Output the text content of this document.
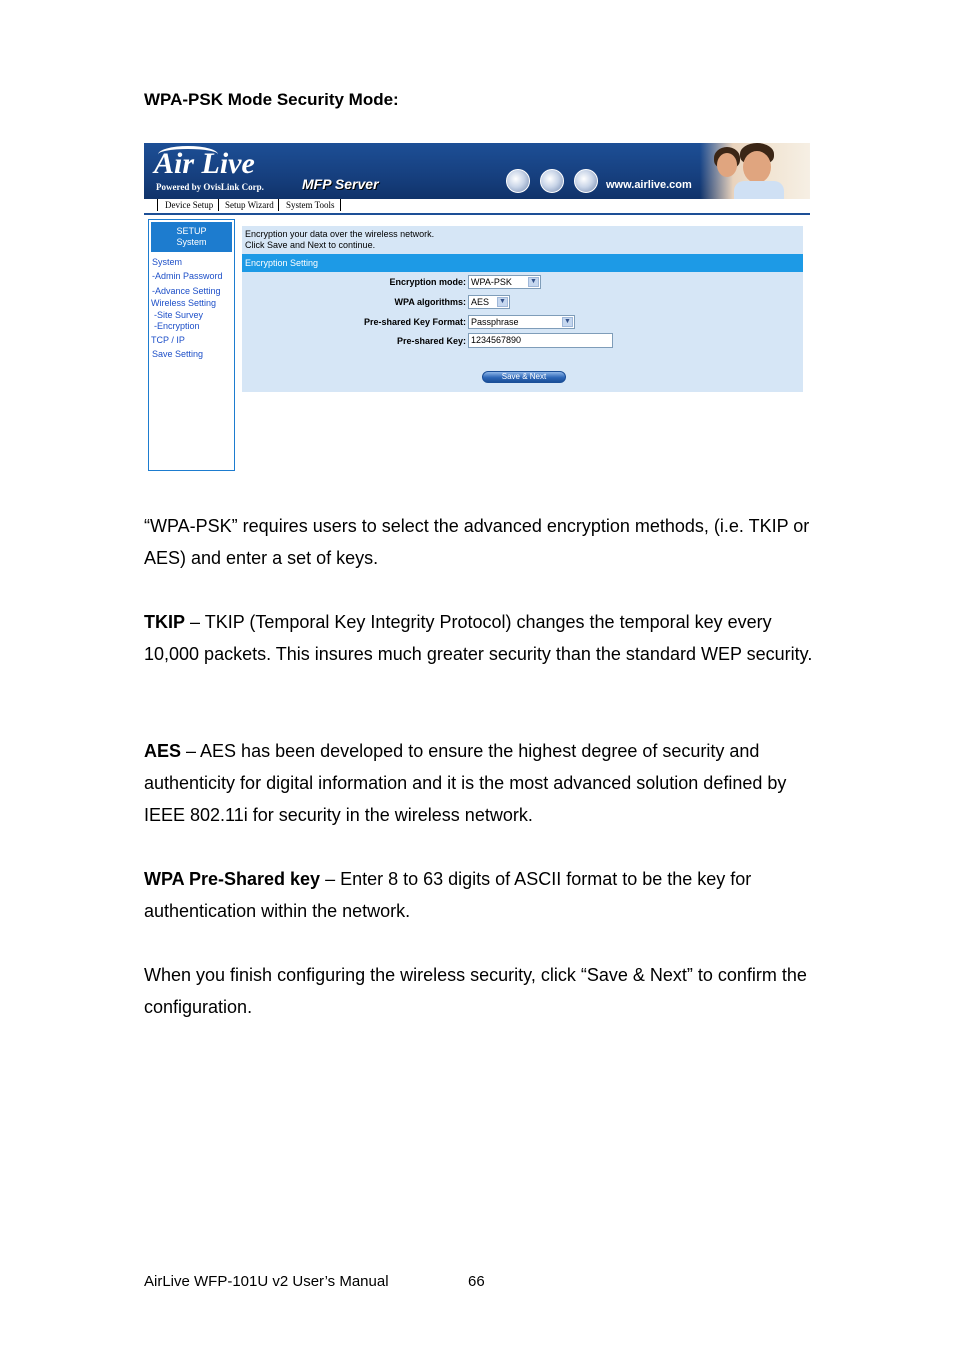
WPA-PSK Mode Security Mode:
Air Live
Powered by OvisLink Corp.	MFP Server	www.airlive.com
Device Setup Setup Wizard System Tools
SETUP
System
System
-Admin Password
-Advance Setting
Wireless Setting
-Site Survey
-Encryption
TCP / IP
Save Setting
Encryption your data over the wireless network.
Click Save and Next to continue.
Encryption Setting
Encryption mode: WPA-PSK	▼
WPA algorithms: AES ▼
Pre-shared Key Format: Passphrase	▼
Pre-shared Key: 1234567890
Save & Next
“WPA-PSK” requires users to select the advanced encryption methods, (i.e. TKIP or AES) and enter a set of keys.
TKIP – TKIP (Temporal Key Integrity Protocol) changes the temporal key every 10,000 packets. This insures much greater security than the standard WEP security.
AES – AES has been developed to ensure the highest degree of security and authenticity for digital information and it is the most advanced solution defined by IEEE 802.11i for security in the wireless network.
WPA Pre-Shared key – Enter 8 to 63 digits of ASCII format to be the key for authentication within the network.
When you finish configuring the wireless security, click “Save & Next” to confirm the configuration.
AirLive WFP-101U v2 User’s Manual	66
